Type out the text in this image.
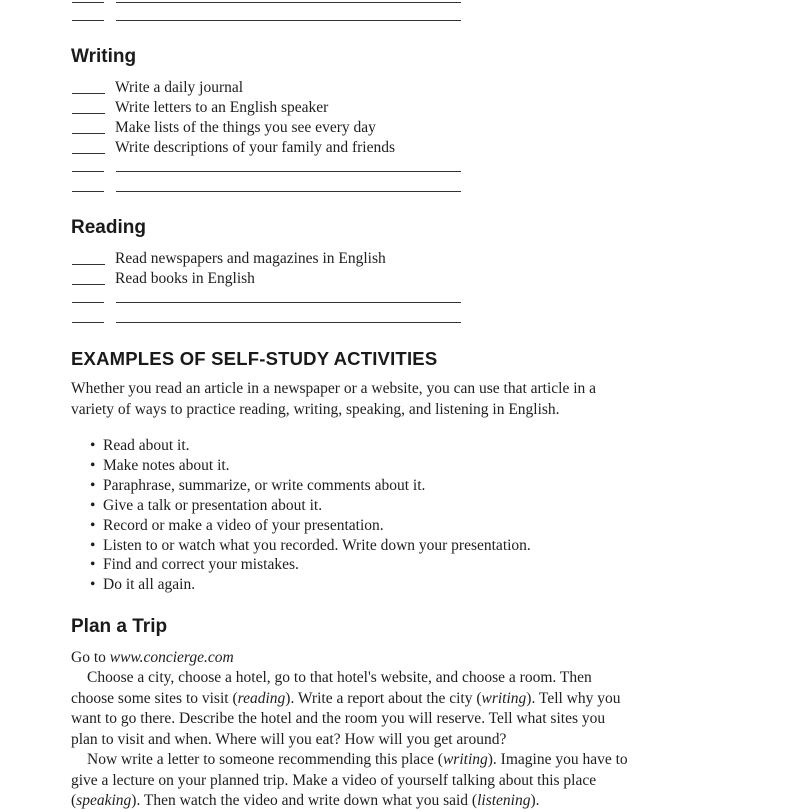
Writing
Write a daily journal
Write letters to an English speaker
Make lists of the things you see every day
Write descriptions of your family and friends
Reading
Read newspapers and magazines in English
Read books in English
EXAMPLES OF SELF-STUDY ACTIVITIES
Whether you read an article in a newspaper or a website, you can use that article in a variety of ways to practice reading, writing, speaking, and listening in English.
• Read about it.
• Make notes about it.
• Paraphrase, summarize, or write comments about it.
• Give a talk or presentation about it.
• Record or make a video of your presentation.
• Listen to or watch what you recorded. Write down your presentation.
• Find and correct your mistakes.
• Do it all again.
Plan a Trip
Go to www.concierge.com
Choose a city, choose a hotel, go to that hotel's website, and choose a room. Then choose some sites to visit (reading). Write a report about the city (writing). Tell why you want to go there. Describe the hotel and the room you will reserve. Tell what sites you plan to visit and when. Where will you eat? How will you get around?
Now write a letter to someone recommending this place (writing). Imagine you have to give a lecture on your planned trip. Make a video of yourself talking about this place (speaking). Then watch the video and write down what you said (listening).
